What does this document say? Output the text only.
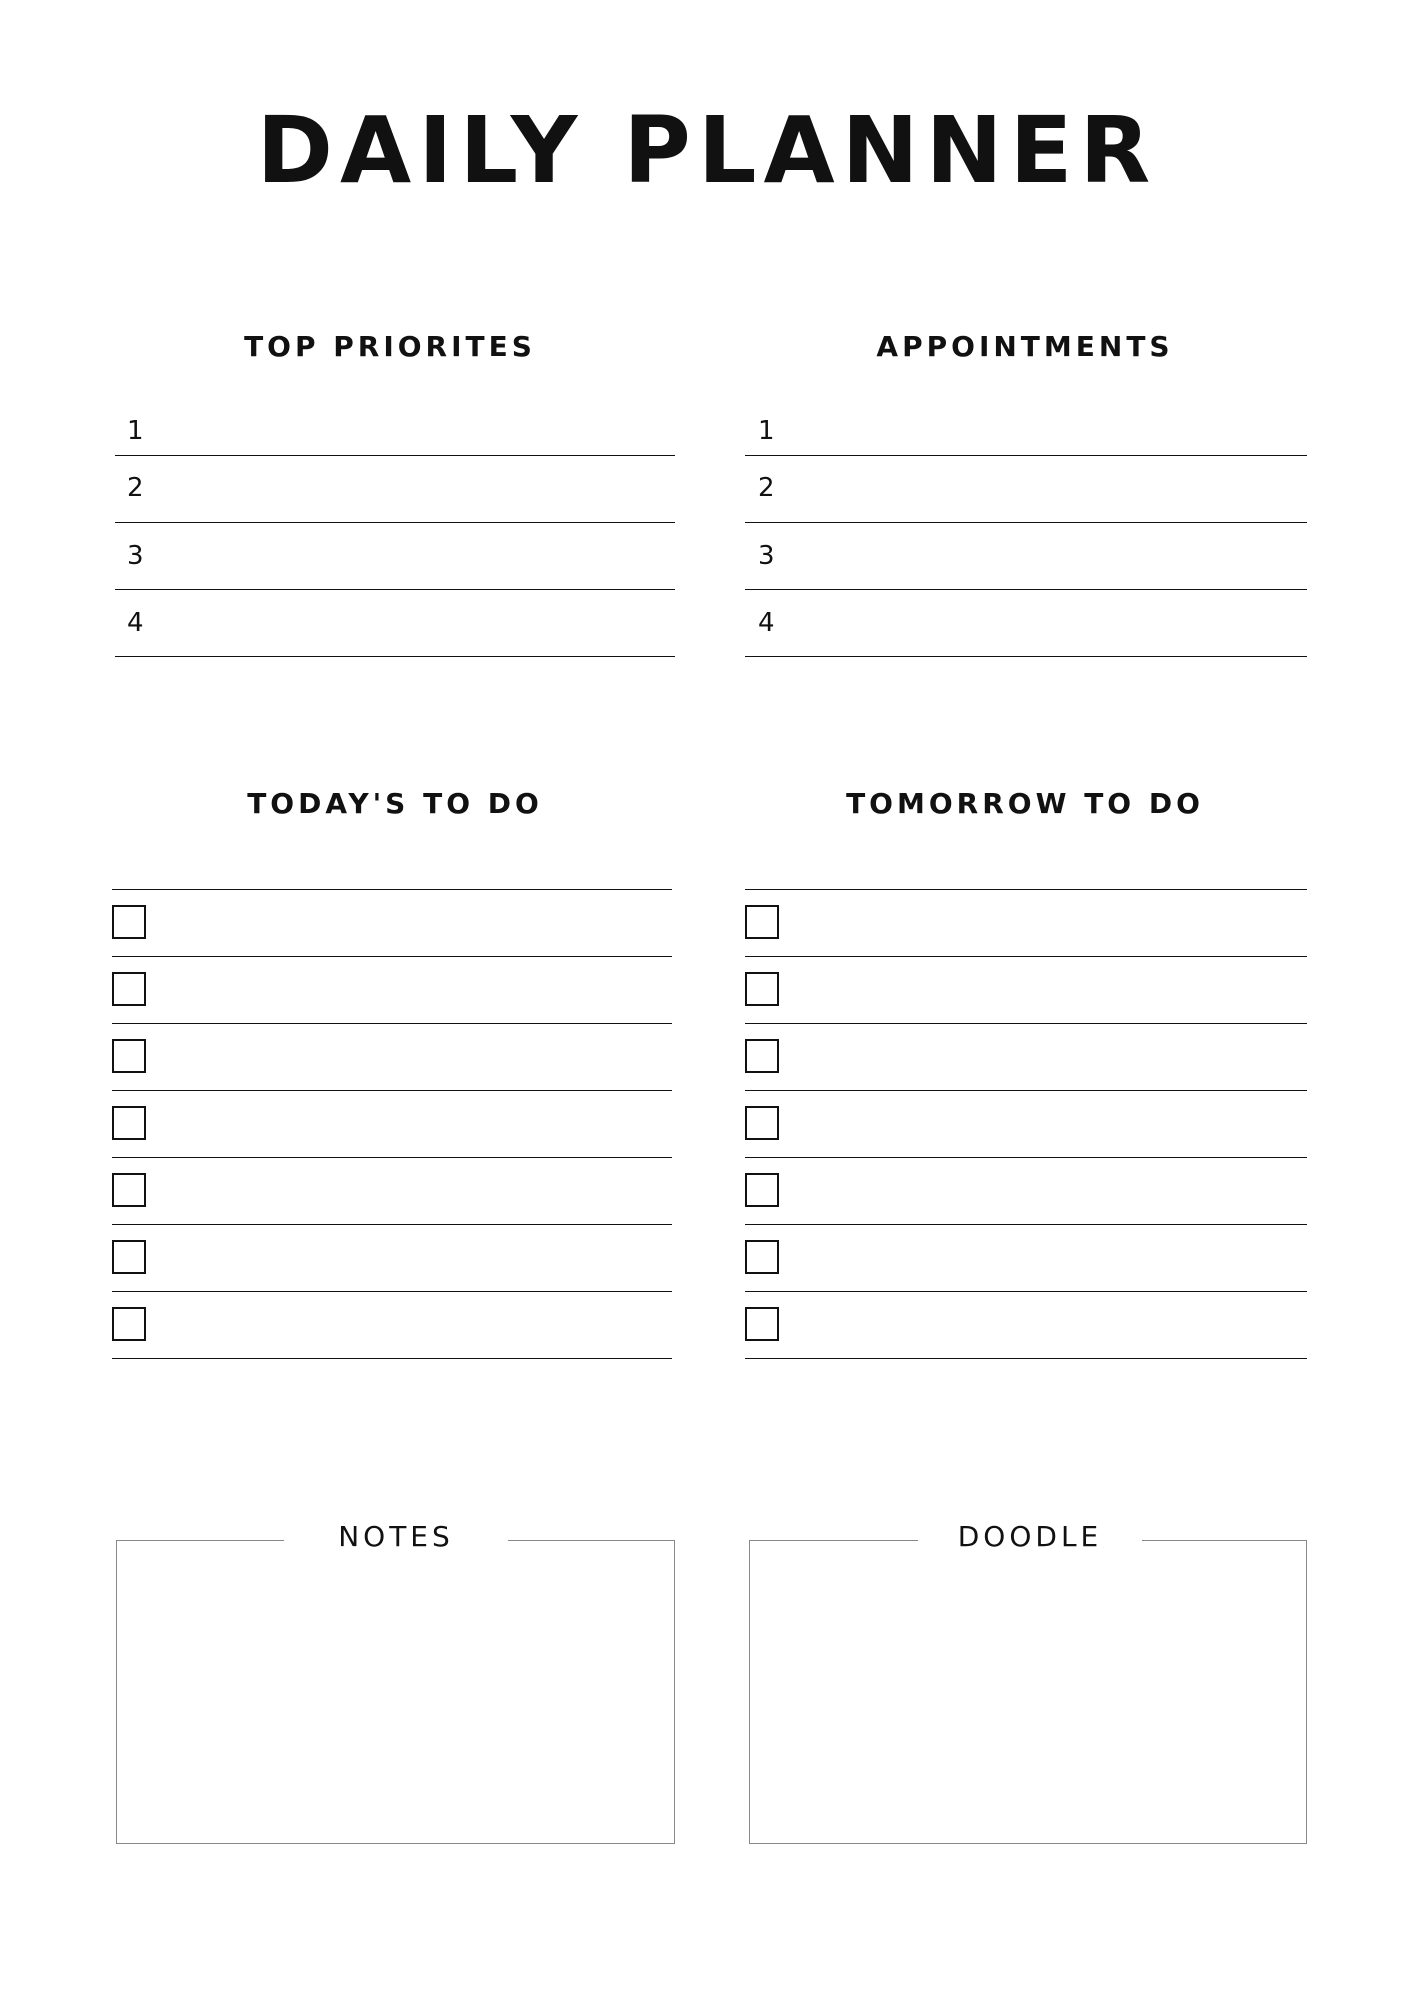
DAILY PLANNER
TOP PRIORITES
1
2
3
4
APPOINTMENTS
1
2
3
4
TODAY'S TO DO	TOMORROW TO DO
NOTES	DOODLE
